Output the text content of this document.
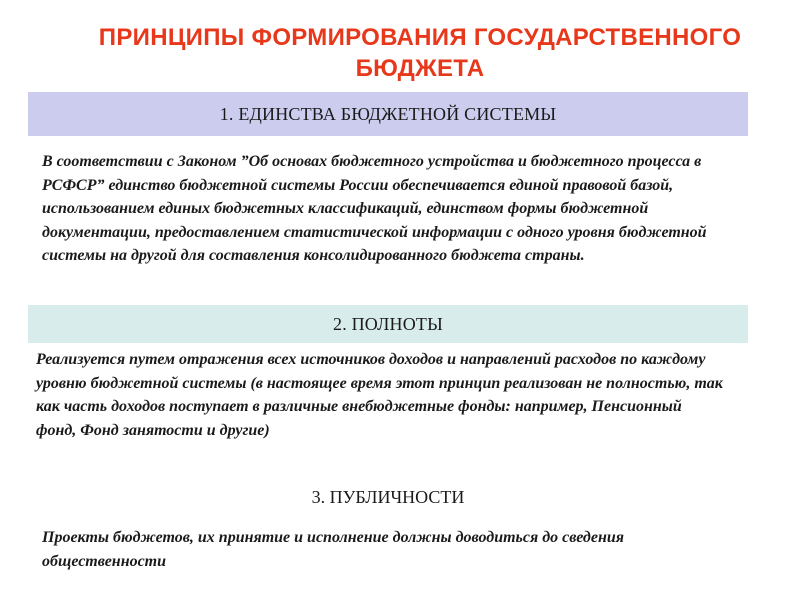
ПРИНЦИПЫ ФОРМИРОВАНИЯ ГОСУДАРСТВЕННОГО БЮДЖЕТА
1. ЕДИНСТВА БЮДЖЕТНОЙ СИСТЕМЫ
В соответствии с Законом ”Об основах бюджетного устройства и бюджетного процесса в РСФСР” единство бюджетной системы России обеспечивается единой правовой базой, использованием единых бюджетных классификаций, единством формы бюджетной документации, предоставлением статистической информации с одного уровня бюджетной системы на другой для составления консолидированного бюджета страны.
2. ПОЛНОТЫ
Реализуется путем отражения всех источников доходов и направлений расходов по каждому уровню бюджетной системы (в настоящее время этот принцип реализован не полностью, так как часть доходов поступает в различные внебюджетные фонды: например, Пенсионный фонд, Фонд занятости и другие)
3. ПУБЛИЧНОСТИ
Проекты бюджетов, их принятие и исполнение должны доводиться до сведения общественности
